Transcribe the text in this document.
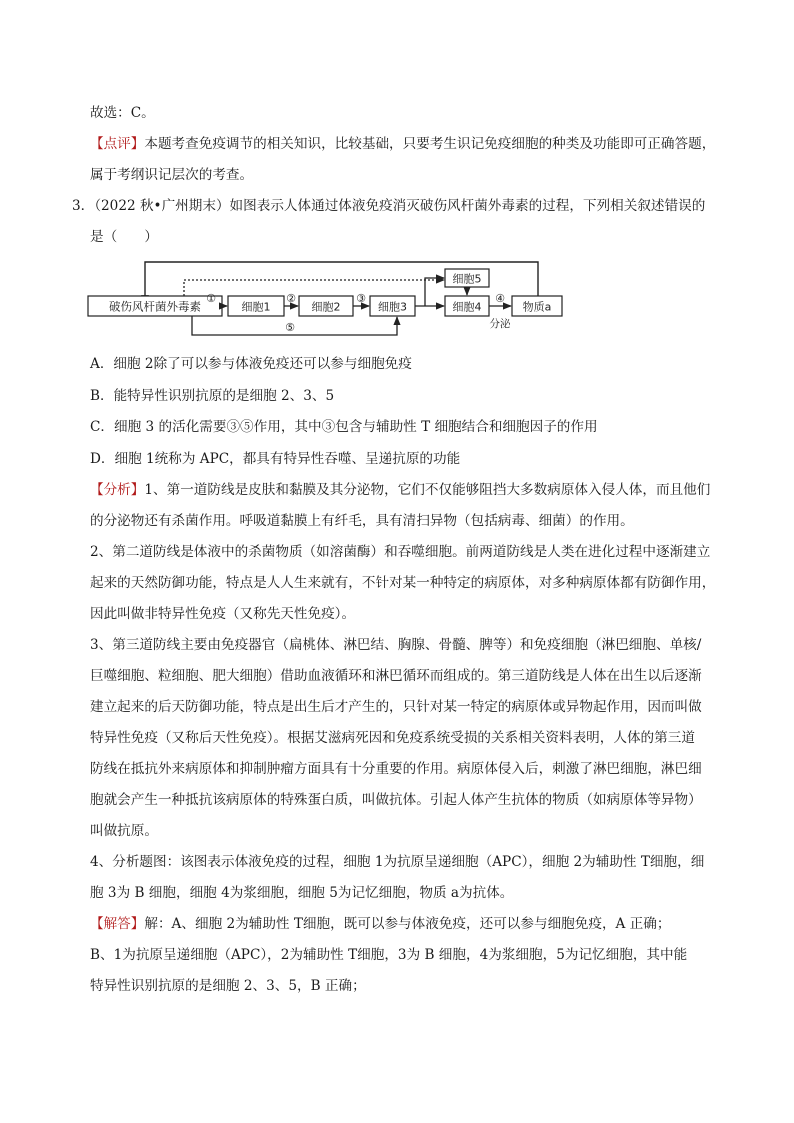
故选：C。

【点评】本题考查免疫调节的相关知识，比较基础，只要考生识记免疫细胞的种类及功能即可正确答题，

属于考纲识记层次的考查。

3．（2022 秋•广州期末）如图表示人体通过体液免疫消灭破伤风杆菌外毒素的过程，下列相关叙述错误的

是（　　）

破伤风杆菌外毒素	细胞1	细胞2	细胞3	细胞4
细胞5
物质a
①	②	③	④
⑤	分泌

A．细胞 2除了可以参与体液免疫还可以参与细胞免疫

B．能特异性识别抗原的是细胞 2、3、5

C．细胞 3 的活化需要③⑤作用，其中③包含与辅助性 T 细胞结合和细胞因子的作用

D．细胞 1统称为 APC，都具有特异性吞噬、呈递抗原的功能

【分析】1、第一道防线是皮肤和黏膜及其分泌物，它们不仅能够阻挡大多数病原体入侵人体，而且他们

的分泌物还有杀菌作用。呼吸道黏膜上有纤毛，具有清扫异物（包括病毒、细菌）的作用。

2、第二道防线是体液中的杀菌物质（如溶菌酶）和吞噬细胞。前两道防线是人类在进化过程中逐渐建立

起来的天然防御功能，特点是人人生来就有，不针对某一种特定的病原体，对多种病原体都有防御作用，

因此叫做非特异性免疫（又称先天性免疫）。

3、第三道防线主要由免疫器官（扁桃体、淋巴结、胸腺、骨髓、脾等）和免疫细胞（淋巴细胞、单核/

巨噬细胞、粒细胞、肥大细胞）借助血液循环和淋巴循环而组成的。第三道防线是人体在出生以后逐渐

建立起来的后天防御功能，特点是出生后才产生的，只针对某一特定的病原体或异物起作用，因而叫做

特异性免疫（又称后天性免疫）。根据艾滋病死因和免疫系统受损的关系相关资料表明，人体的第三道

防线在抵抗外来病原体和抑制肿瘤方面具有十分重要的作用。病原体侵入后，刺激了淋巴细胞，淋巴细

胞就会产生一种抵抗该病原体的特殊蛋白质，叫做抗体。引起人体产生抗体的物质（如病原体等异物）

叫做抗原。

4、分析题图：该图表示体液免疫的过程，细胞 1为抗原呈递细胞（APC），细胞 2为辅助性 T细胞，细

胞 3为 B 细胞，细胞 4为浆细胞，细胞 5为记忆细胞，物质 a为抗体。

【解答】解：A、细胞 2为辅助性 T细胞，既可以参与体液免疫，还可以参与细胞免疫，A 正确；

B、1为抗原呈递细胞（APC），2为辅助性 T细胞，3为 B 细胞，4为浆细胞，5为记忆细胞，其中能

特异性识别抗原的是细胞 2、3、5，B 正确；
